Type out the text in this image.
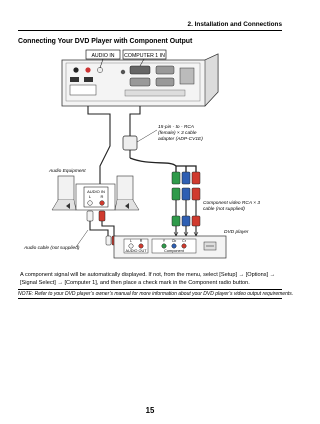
2. Installation and Connections
Connecting Your DVD Player with Component Output
AUDIO IN COMPUTER 1 IN
15-pin - to - RCA
(female) × 3 cable
adapter (ADP-CV1E)
Component video RCA × 3
cable (not supplied)
Audio Equipment
AUDIO IN
L R
Audio cable (not supplied)
DVD player
L R	Y Cb Cr
AUDIO OUT	Component

A component signal will be automatically displayed. If not, from the menu, select [Setup] → [Options] → [Signal Select] → [Computer 1], and then place a check mark in the Component radio button.

NOTE: Refer to your DVD player’s owner’s manual for more information about your DVD player’s video output requirements.
15
